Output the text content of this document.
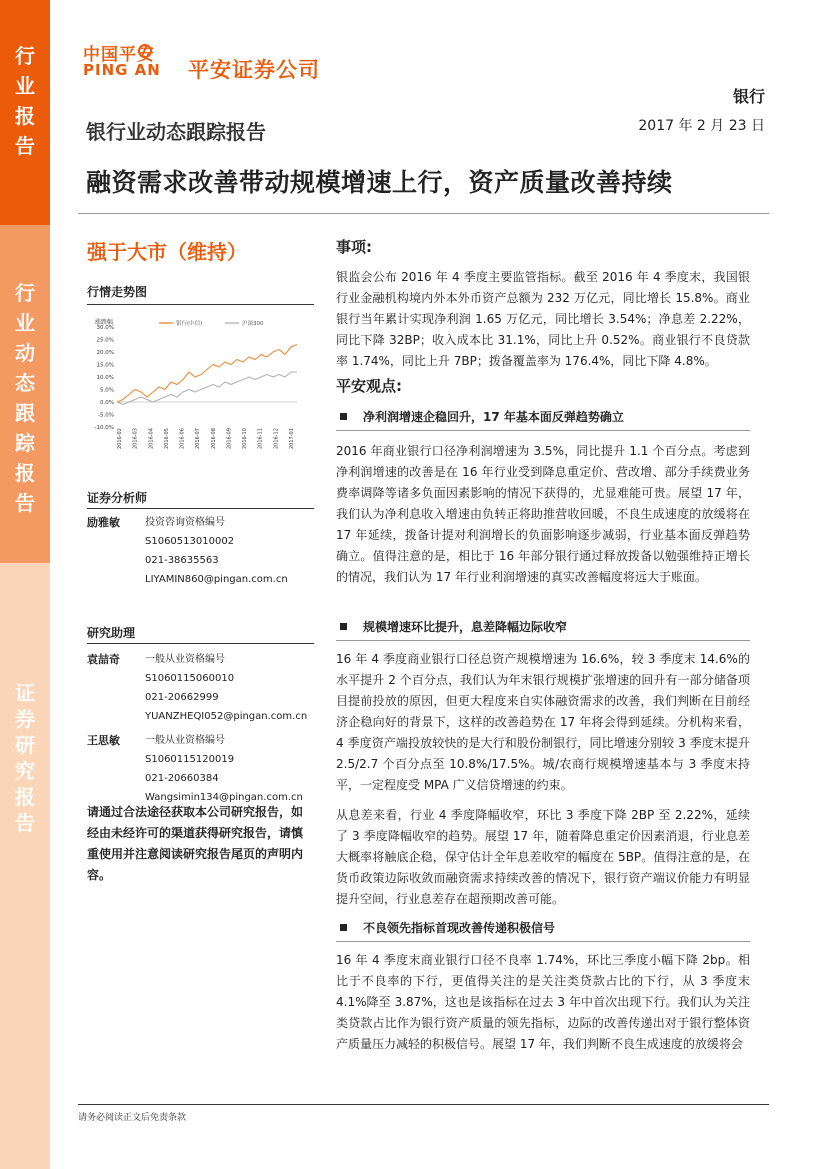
行
业
报
告
行
业
动
态
跟
踪
报
告
证
券
研
究
报
告
中国平安
PING AN 平安证券公司
银行
银行业动态跟踪报告	2017 年 2 月 23 日
融资需求改善带动规模增速上行，资产质量改善持续
强于大市（维持）
行情走势图
涨跌幅
30.0%
25.0%
20.0%
15.0%
10.0%
5.0%
0.0%
-5.0%
-10.0%
2016-02 2016-03 2016-04 2016-05 2016-06 2016-07 2016-08 2016-09 2016-10 2016-11 2016-12 2017-01
银行(中信)	沪深300
证券分析师
励雅敏	投资咨询资格编号
S1060513010002
021-38635563
LIYAMIN860@pingan.com.cn
研究助理
袁喆奇	一般从业资格编号
S1060115060010
021-20662999
YUANZHEQI052@pingan.com.cn
王思敏	一般从业资格编号
S1060115120019
021-20660384
Wangsimin134@pingan.com.cn
请通过合法途径获取本公司研究报告，如经由未经许可的渠道获得研究报告，请慎重使用并注意阅读研究报告尾页的声明内容。
事项:
银监会公布 2016 年 4 季度主要监管指标。截至 2016 年 4 季度末，我国银行业金融机构境内外本外币资产总额为 232 万亿元，同比增长 15.8%。商业银行当年累计实现净利润 1.65 万亿元，同比增长 3.54%；净息差 2.22%，同比下降 32BP；收入成本比 31.1%，同比上升 0.52%。商业银行不良贷款率 1.74%，同比上升 7BP；拨备覆盖率为 176.4%，同比下降 4.8%。
平安观点:
净利润增速企稳回升，17 年基本面反弹趋势确立
2016 年商业银行口径净利润增速为 3.5%，同比提升 1.1 个百分点。考虑到净利润增速的改善是在 16 年行业受到降息重定价、营改增、部分手续费业务费率调降等诸多负面因素影响的情况下获得的，尤显难能可贵。展望 17 年，我们认为净利息收入增速由负转正将助推营收回暖，不良生成速度的放缓将在 17 年延续，拨备计提对利润增长的负面影响逐步减弱，行业基本面反弹趋势确立。值得注意的是，相比于 16 年部分银行通过释放拨备以勉强维持正增长的情况，我们认为 17 年行业利润增速的真实改善幅度将远大于账面。
规模增速环比提升，息差降幅边际收窄
16 年 4 季度商业银行口径总资产规模增速为 16.6%，较 3 季度末 14.6%的水平提升 2 个百分点，我们认为年末银行规模扩张增速的回升有一部分储备项目提前投放的原因，但更大程度来自实体融资需求的改善，我们判断在目前经济企稳向好的背景下，这样的改善趋势在 17 年将会得到延续。分机构来看，4 季度资产端投放较快的是大行和股份制银行，同比增速分别较 3 季度末提升 2.5/2.7 个百分点至 10.8%/17.5%。城/农商行规模增速基本与 3 季度末持平，一定程度受 MPA 广义信贷增速的约束。
从息差来看，行业 4 季度降幅收窄，环比 3 季度下降 2BP 至 2.22%，延续了 3 季度降幅收窄的趋势。展望 17 年，随着降息重定价因素消退，行业息差大概率将触底企稳，保守估计全年息差收窄的幅度在 5BP。值得注意的是，在货币政策边际收敛而融资需求持续改善的情况下，银行资产端议价能力有明显提升空间，行业息差存在超预期改善可能。
不良领先指标首现改善传递积极信号
16 年 4 季度末商业银行口径不良率 1.74%，环比三季度小幅下降 2bp。相比于不良率的下行，更值得关注的是关注类贷款占比的下行，从 3 季度末 4.1%降至 3.87%，这也是该指标在过去 3 年中首次出现下行。我们认为关注类贷款占比作为银行资产质量的领先指标，边际的改善传递出对于银行整体资产质量压力减轻的积极信号。展望 17 年，我们判断不良生成速度的放缓将会
请务必阅读正文后免责条款
